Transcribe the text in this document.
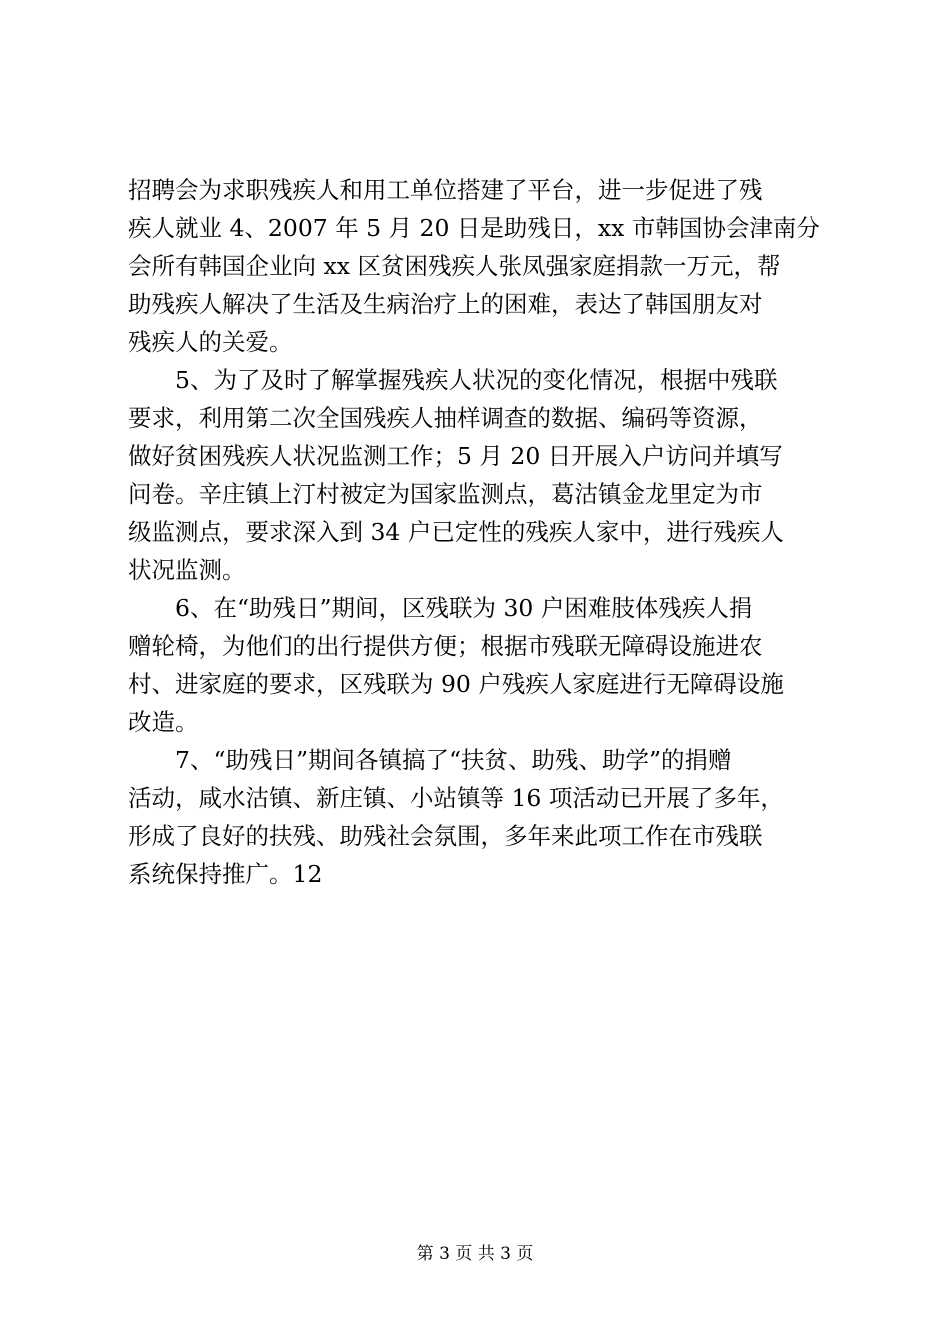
招聘会为求职残疾人和用工单位搭建了平台，进一步促进了残
疾人就业 4、2007 年 5 月 20 日是助残日，xx 市韩国协会津南分
会所有韩国企业向 xx 区贫困残疾人张凤强家庭捐款一万元，帮
助残疾人解决了生活及生病治疗上的困难，表达了韩国朋友对
残疾人的关爱。
5、为了及时了解掌握残疾人状况的变化情况，根据中残联
要求，利用第二次全国残疾人抽样调查的数据、编码等资源，
做好贫困残疾人状况监测工作；5 月 20 日开展入户访问并填写
问卷。辛庄镇上汀村被定为国家监测点，葛沽镇金龙里定为市
级监测点，要求深入到 34 户已定性的残疾人家中，进行残疾人
状况监测。
6、在“助残日”期间，区残联为 30 户困难肢体残疾人捐
赠轮椅，为他们的出行提供方便；根据市残联无障碍设施进农
村、进家庭的要求，区残联为 90 户残疾人家庭进行无障碍设施
改造。
7、“助残日”期间各镇搞了“扶贫、助残、助学”的捐赠
活动，咸水沽镇、新庄镇、小站镇等 16 项活动已开展了多年，
形成了良好的扶残、助残社会氛围，多年来此项工作在市残联
系统保持推广。12
第 3 页 共 3 页
